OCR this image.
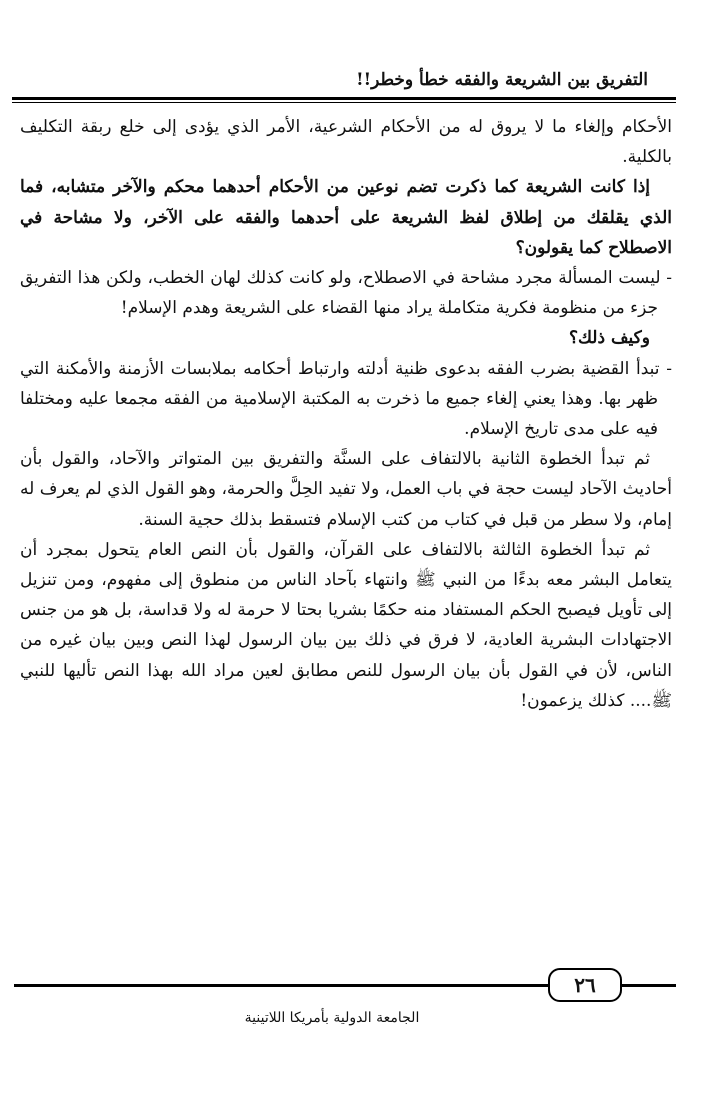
التفريق بين الشريعة والفقه خطأ وخطر!!

الأحكام وإلغاء ما لا يروق له من الأحكام الشرعية، الأمر الذي يؤدى إلى خلع ربقة التكليف بالكلية.

إذا كانت الشريعة كما ذكرت تضم نوعين من الأحكام أحدهما محكم والآخر متشابه، فما الذي يقلقك من إطلاق لفظ الشريعة على أحدهما والفقه على الآخر، ولا مشاحة في الاصطلاح كما يقولون؟

- ليست المسألة مجرد مشاحة في الاصطلاح، ولو كانت كذلك لهان الخطب، ولكن هذا التفريق جزء من منظومة فكرية متكاملة يراد منها القضاء على الشريعة وهدم الإسلام!

وكيف ذلك؟

- تبدأ القضية بضرب الفقه بدعوى ظنية أدلته وارتباط أحكامه بملابسات الأزمنة والأمكنة التي ظهر بها. وهذا يعني إلغاء جميع ما ذخرت به المكتبة الإسلامية من الفقه مجمعا عليه ومختلفا فيه على مدى تاريخ الإسلام.

ثم تبدأ الخطوة الثانية بالالتفاف على السنَّة والتفريق بين المتواتر والآحاد، والقول بأن أحاديث الآحاد ليست حجة في باب العمل، ولا تفيد الحِلَّ والحرمة، وهو القول الذي لم يعرف له إمام، ولا سطر من قبل في كتاب من كتب الإسلام فتسقط بذلك حجية السنة.

ثم تبدأ الخطوة الثالثة بالالتفاف على القرآن، والقول بأن النص العام يتحول بمجرد أن يتعامل البشر معه بدءًا من النبي ﷺ وانتهاء بآحاد الناس من منطوق إلى مفهوم، ومن تنزيل إلى تأويل فيصبح الحكم المستفاد منه حكمًا بشريا بحتا لا حرمة له ولا قداسة، بل هو من جنس الاجتهادات البشرية العادية، لا فرق في ذلك بين بيان الرسول لهذا النص وبين بيان غيره من الناس، لأن في القول بأن بيان الرسول للنص مطابق لعين مراد الله بهذا النص تأليها للنبي ﷺ.... كذلك يزعمون!

٢٦
الجامعة الدولية بأمريكا اللاتينية
